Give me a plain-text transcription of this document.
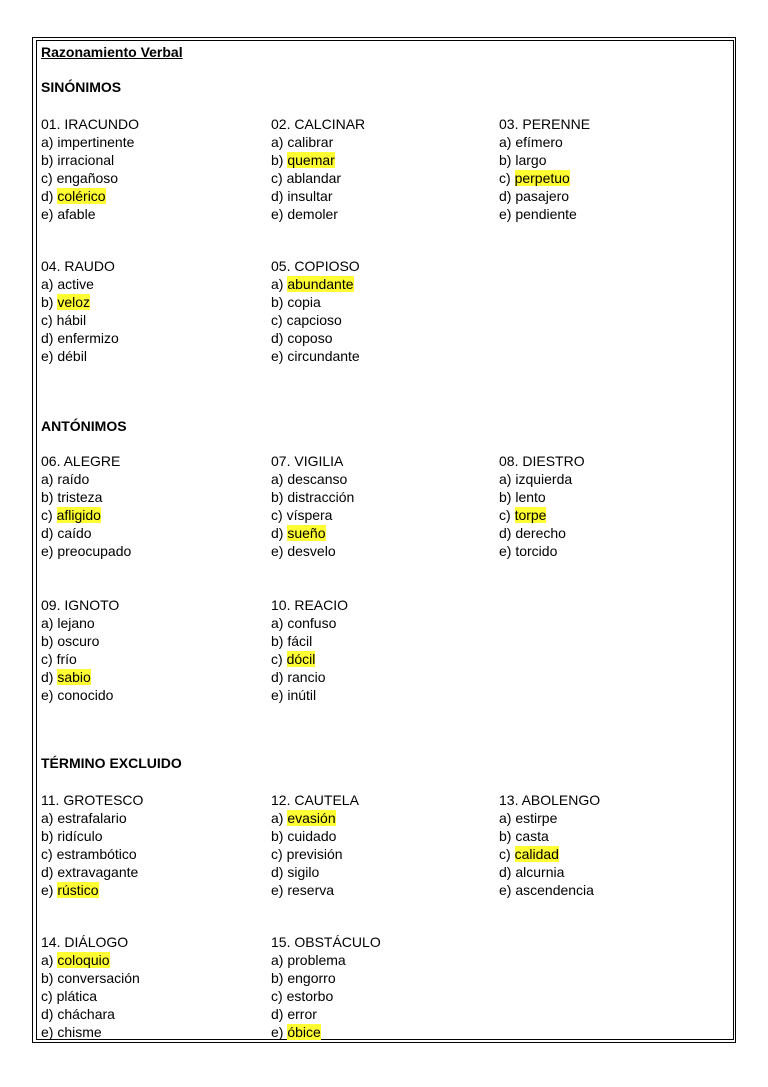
Razonamiento Verbal
SINÓNIMOS
01. IRACUNDO
a) impertinente
b) irracional
c) engañoso
d) colérico
e) afable
02. CALCINAR
a) calibrar
b) quemar
c) ablandar
d) insultar
e) demoler
03. PERENNE
a) efímero
b) largo
c) perpetuo
d) pasajero
e) pendiente
04. RAUDO
a) active
b) veloz
c) hábil
d) enfermizo
e) débil
05. COPIOSO
a) abundante
b) copia
c) capcioso
d) coposo
e) circundante
ANTÓNIMOS
06. ALEGRE
a) raído
b) tristeza
c) afligido
d) caído
e) preocupado
07. VIGILIA
a) descanso
b) distracción
c) víspera
d) sueño
e) desvelo
08. DIESTRO
a) izquierda
b) lento
c) torpe
d) derecho
e) torcido
09. IGNOTO
a) lejano
b) oscuro
c) frío
d) sabio
e) conocido
10. REACIO
a) confuso
b) fácil
c) dócil
d) rancio
e) inútil
TÉRMINO EXCLUIDO
11. GROTESCO
a) estrafalario
b) ridículo
c) estrambótico
d) extravagante
e) rústico
12. CAUTELA
a) evasión
b) cuidado
c) previsión
d) sigilo
e) reserva
13. ABOLENGO
a) estirpe
b) casta
c) calidad
d) alcurnia
e) ascendencia
14. DIÁLOGO
a) coloquio
b) conversación
c) plática
d) cháchara
e) chisme
15. OBSTÁCULO
a) problema
b) engorro
c) estorbo
d) error
e) óbice
